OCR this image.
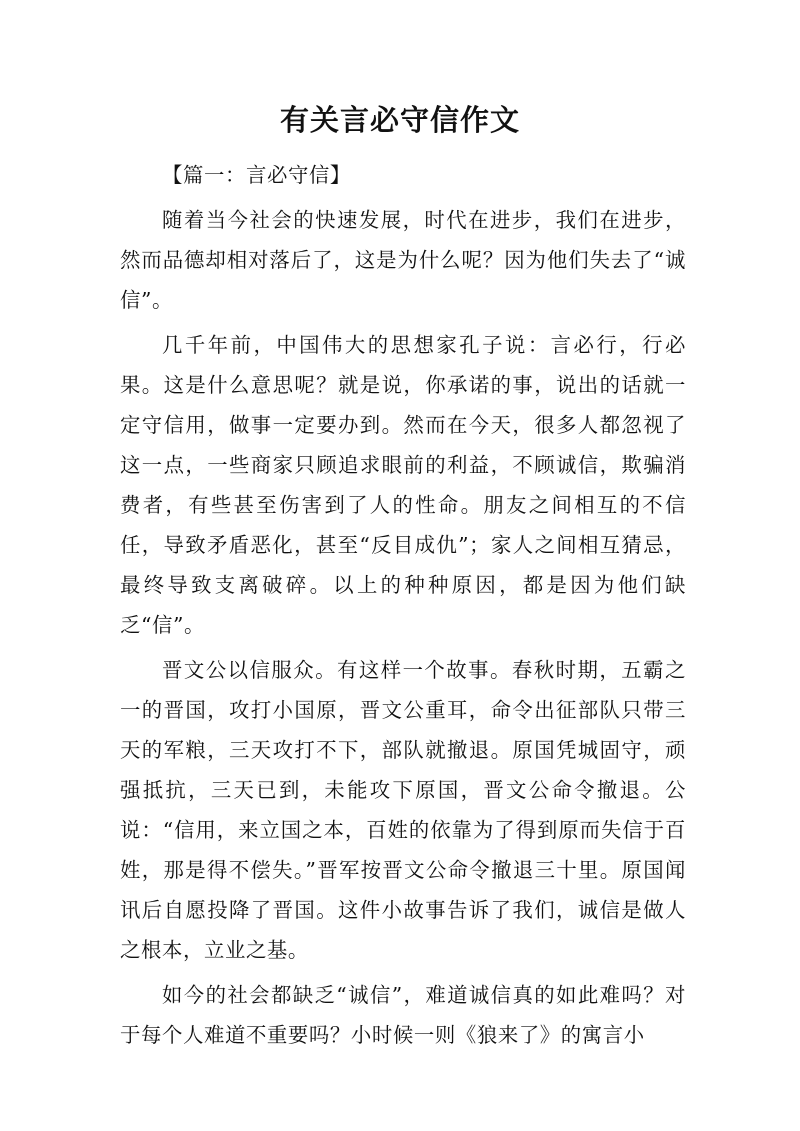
有关言必守信作文

【篇一：言必守信】

随着当今社会的快速发展，时代在进步，我们在进步，然而品德却相对落后了，这是为什么呢？因为他们失去了“诚信”。

几千年前，中国伟大的思想家孔子说：言必行，行必果。这是什么意思呢？就是说，你承诺的事，说出的话就一定守信用，做事一定要办到。然而在今天，很多人都忽视了这一点，一些商家只顾追求眼前的利益，不顾诚信，欺骗消费者，有些甚至伤害到了人的性命。朋友之间相互的不信任，导致矛盾恶化，甚至“反目成仇”；家人之间相互猜忌，最终导致支离破碎。以上的种种原因，都是因为他们缺乏“信”。

晋文公以信服众。有这样一个故事。春秋时期，五霸之一的晋国，攻打小国原，晋文公重耳，命令出征部队只带三天的军粮，三天攻打不下，部队就撤退。原国凭城固守，顽强抵抗，三天已到，未能攻下原国，晋文公命令撤退。公说：“信用，来立国之本，百姓的依靠为了得到原而失信于百姓，那是得不偿失。”晋军按晋文公命令撤退三十里。原国闻讯后自愿投降了晋国。这件小故事告诉了我们，诚信是做人之根本，立业之基。

如今的社会都缺乏“诚信”，难道诚信真的如此难吗？对于每个人难道不重要吗？小时候一则《狼来了》的寓言小
